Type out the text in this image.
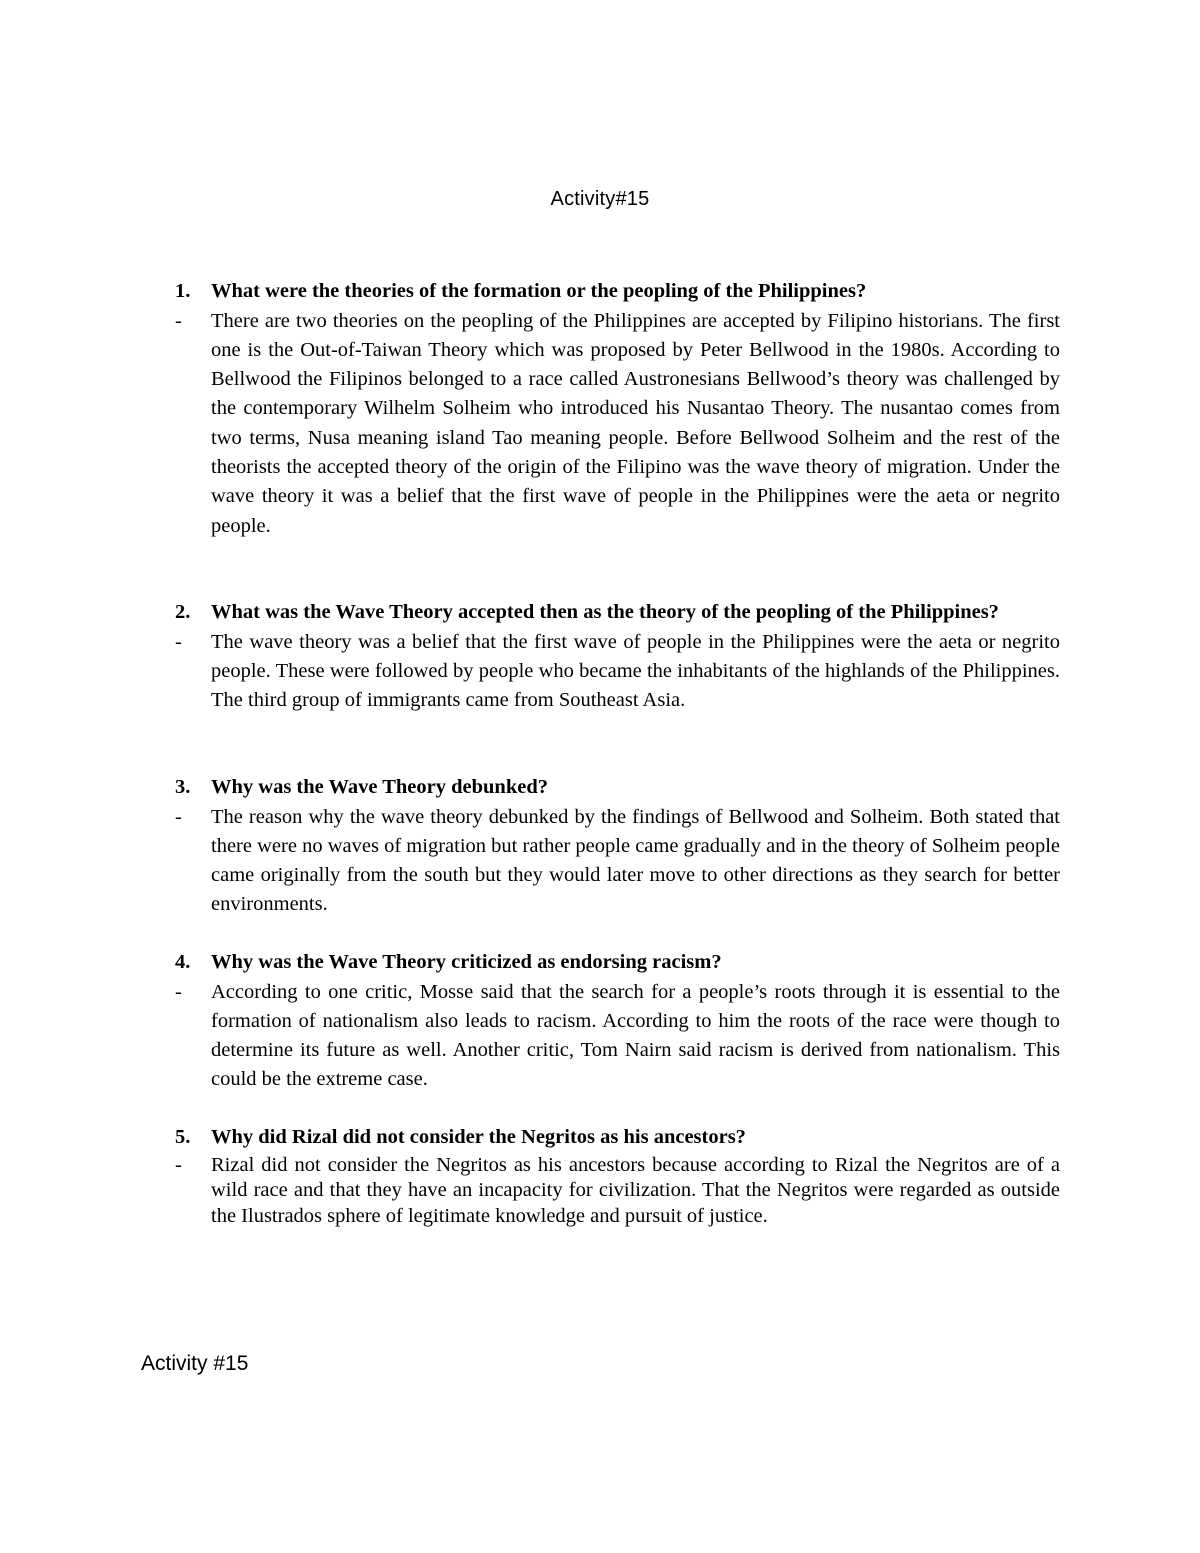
Activity#15
1. What were the theories of the formation or the peopling of the Philippines?
- There are two theories on the peopling of the Philippines are accepted by Filipino historians. The first one is the Out-of-Taiwan Theory which was proposed by Peter Bellwood in the 1980s. According to Bellwood the Filipinos belonged to a race called Austronesians Bellwood’s theory was challenged by the contemporary Wilhelm Solheim who introduced his Nusantao Theory. The nusantao comes from two terms, Nusa meaning island Tao meaning people. Before Bellwood Solheim and the rest of the theorists the accepted theory of the origin of the Filipino was the wave theory of migration. Under the wave theory it was a belief that the first wave of people in the Philippines were the aeta or negrito people.
2. What was the Wave Theory accepted then as the theory of the peopling of the Philippines?
- The wave theory was a belief that the first wave of people in the Philippines were the aeta or negrito people. These were followed by people who became the inhabitants of the highlands of the Philippines. The third group of immigrants came from Southeast Asia.
3. Why was the Wave Theory debunked?
- The reason why the wave theory debunked by the findings of Bellwood and Solheim. Both stated that there were no waves of migration but rather people came gradually and in the theory of Solheim people came originally from the south but they would later move to other directions as they search for better environments.
4. Why was the Wave Theory criticized as endorsing racism?
- According to one critic, Mosse said that the search for a people’s roots through it is essential to the formation of nationalism also leads to racism. According to him the roots of the race were though to determine its future as well. Another critic, Tom Nairn said racism is derived from nationalism. This could be the extreme case.
5. Why did Rizal did not consider the Negritos as his ancestors?
- Rizal did not consider the Negritos as his ancestors because according to Rizal the Negritos are of a wild race and that they have an incapacity for civilization. That the Negritos were regarded as outside the Ilustrados sphere of legitimate knowledge and pursuit of justice.
Activity #15
